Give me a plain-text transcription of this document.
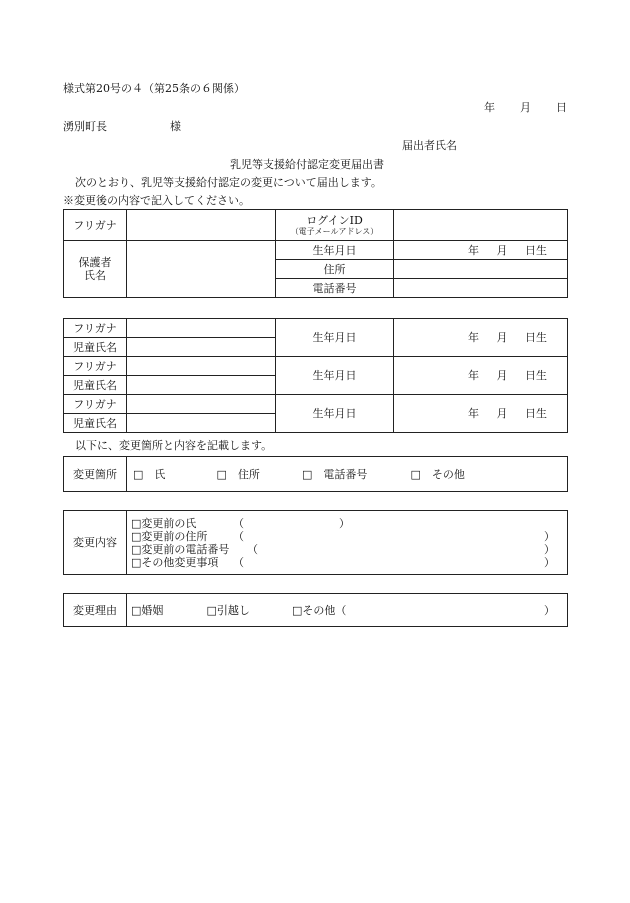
様式第20号の４（第25条の６関係）
年 月 日
湧別町長	様
届出者氏名
乳児等支援給付認定変更届出書
次のとおり、乳児等支援給付認定の変更について届出します。
※変更後の内容で記入してください。
フリガナ		ログインID
（電子メールアドレス）	

保護者
氏名		生年月日	年 月 日生
		住所	
		電話番号	
フリガナ		生年月日	年 月 日生
児童氏名			
フリガナ		生年月日	年 月 日生
児童氏名			
フリガナ		生年月日	年 月 日生
児童氏名			
以下に、変更箇所と内容を記載します。
変更箇所	□　氏	□　住所	□　電話番号	□　その他
変更内容	
□変更前の氏	（	）
□変更前の住所 （	）
□変更前の電話番号 （	）
□その他変更事項 （	）
変更理由	□婚姻	□引越し	□その他（	）
